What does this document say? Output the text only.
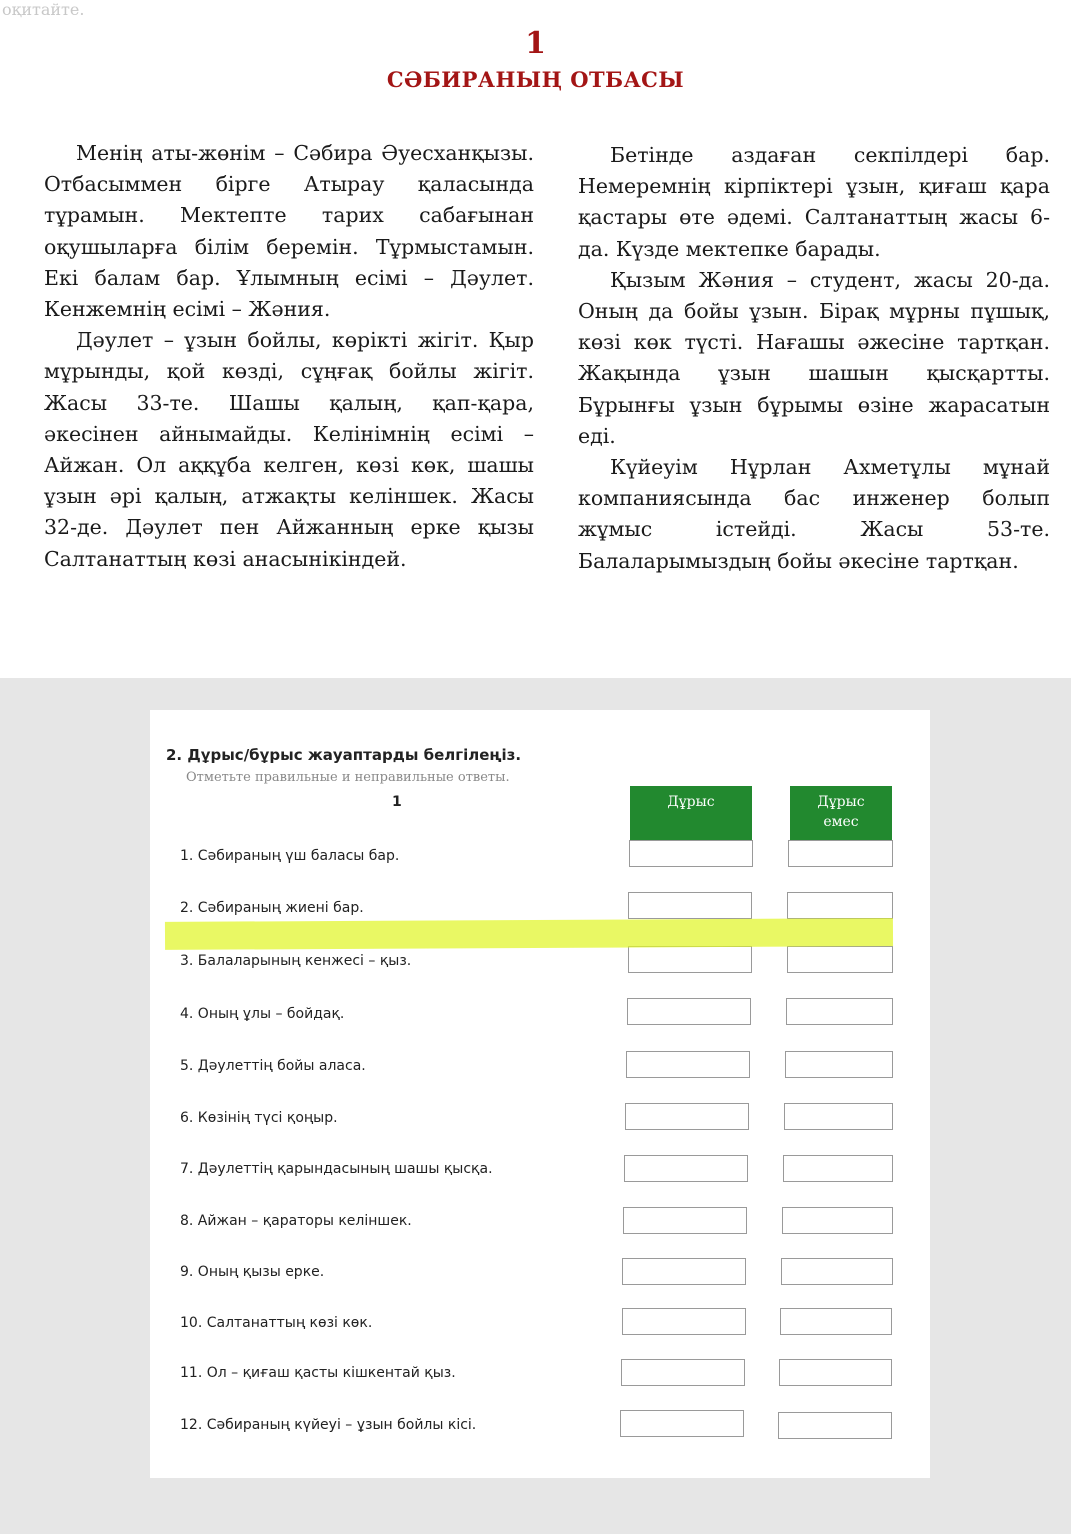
оқитайте.
1
СӘБИРАНЫҢ ОТБАСЫ

Менің аты-жөнім – Сәбира Әуесханқызы. Отбасыммен бірге Атырау қаласында тұрамын. Мектепте тарих сабағынан оқушыларға білім беремін. Тұрмыстамын. Екі балам бар. Ұлымның есімі – Дәулет. Кенжемнің есімі – Жәния.

Дәулет – ұзын бойлы, көрікті жігіт. Қыр мұрынды, қой көзді, сұңғақ бойлы жігіт. Жасы 33-те. Шашы қалың, қап-қара, әкесінен айнымайды. Келінімнің есімі – Айжан. Ол аққұба келген, көзі көк, шашы ұзын әрі қалың, атжақты келіншек. Жасы 32-де. Дәулет пен Айжанның ерке қызы Салтанаттың көзі анасынікіндей.

Бетінде аздаған секпілдері бар. Немеремнің кірпіктері ұзын, қиғаш қара қастары өте әдемі. Салтанаттың жасы 6-да. Күзде мектепке барады.

Қызым Жәния – студент, жасы 20-да. Оның да бойы ұзын. Бірақ мұрны пұшық, көзі көк түсті. Нағашы әжесіне тартқан. Жақында ұзын шашын қысқартты. Бұрынғы ұзын бұрымы өзіне жарасатын еді.

Күйеуім Нұрлан Ахметұлы мұнай компаниясында бас инженер болып жұмыс істейді. Жасы 53-те. Балаларымыздың бойы әкесіне тартқан.

2. Дұрыс/бұрыс жауаптарды белгілеңіз.
Отметьте правильные и неправильные ответы.
1	Дұрыс	Дұрыс
емес
1. Сәбираның үш баласы бар.
2. Сәбираның жиені бар.
3. Балаларының кенжесі – қыз.
4. Оның ұлы – бойдақ.
5. Дәулеттің бойы аласа.
6. Көзінің түсі қоңыр.
7. Дәулеттің қарындасының шашы қысқа.
8. Айжан – қараторы келіншек.
9. Оның қызы ерке.
10. Салтанаттың көзі көк.
11. Ол – қиғаш қасты кішкентай қыз.
12. Сәбираның күйеуі – ұзын бойлы кісі.
